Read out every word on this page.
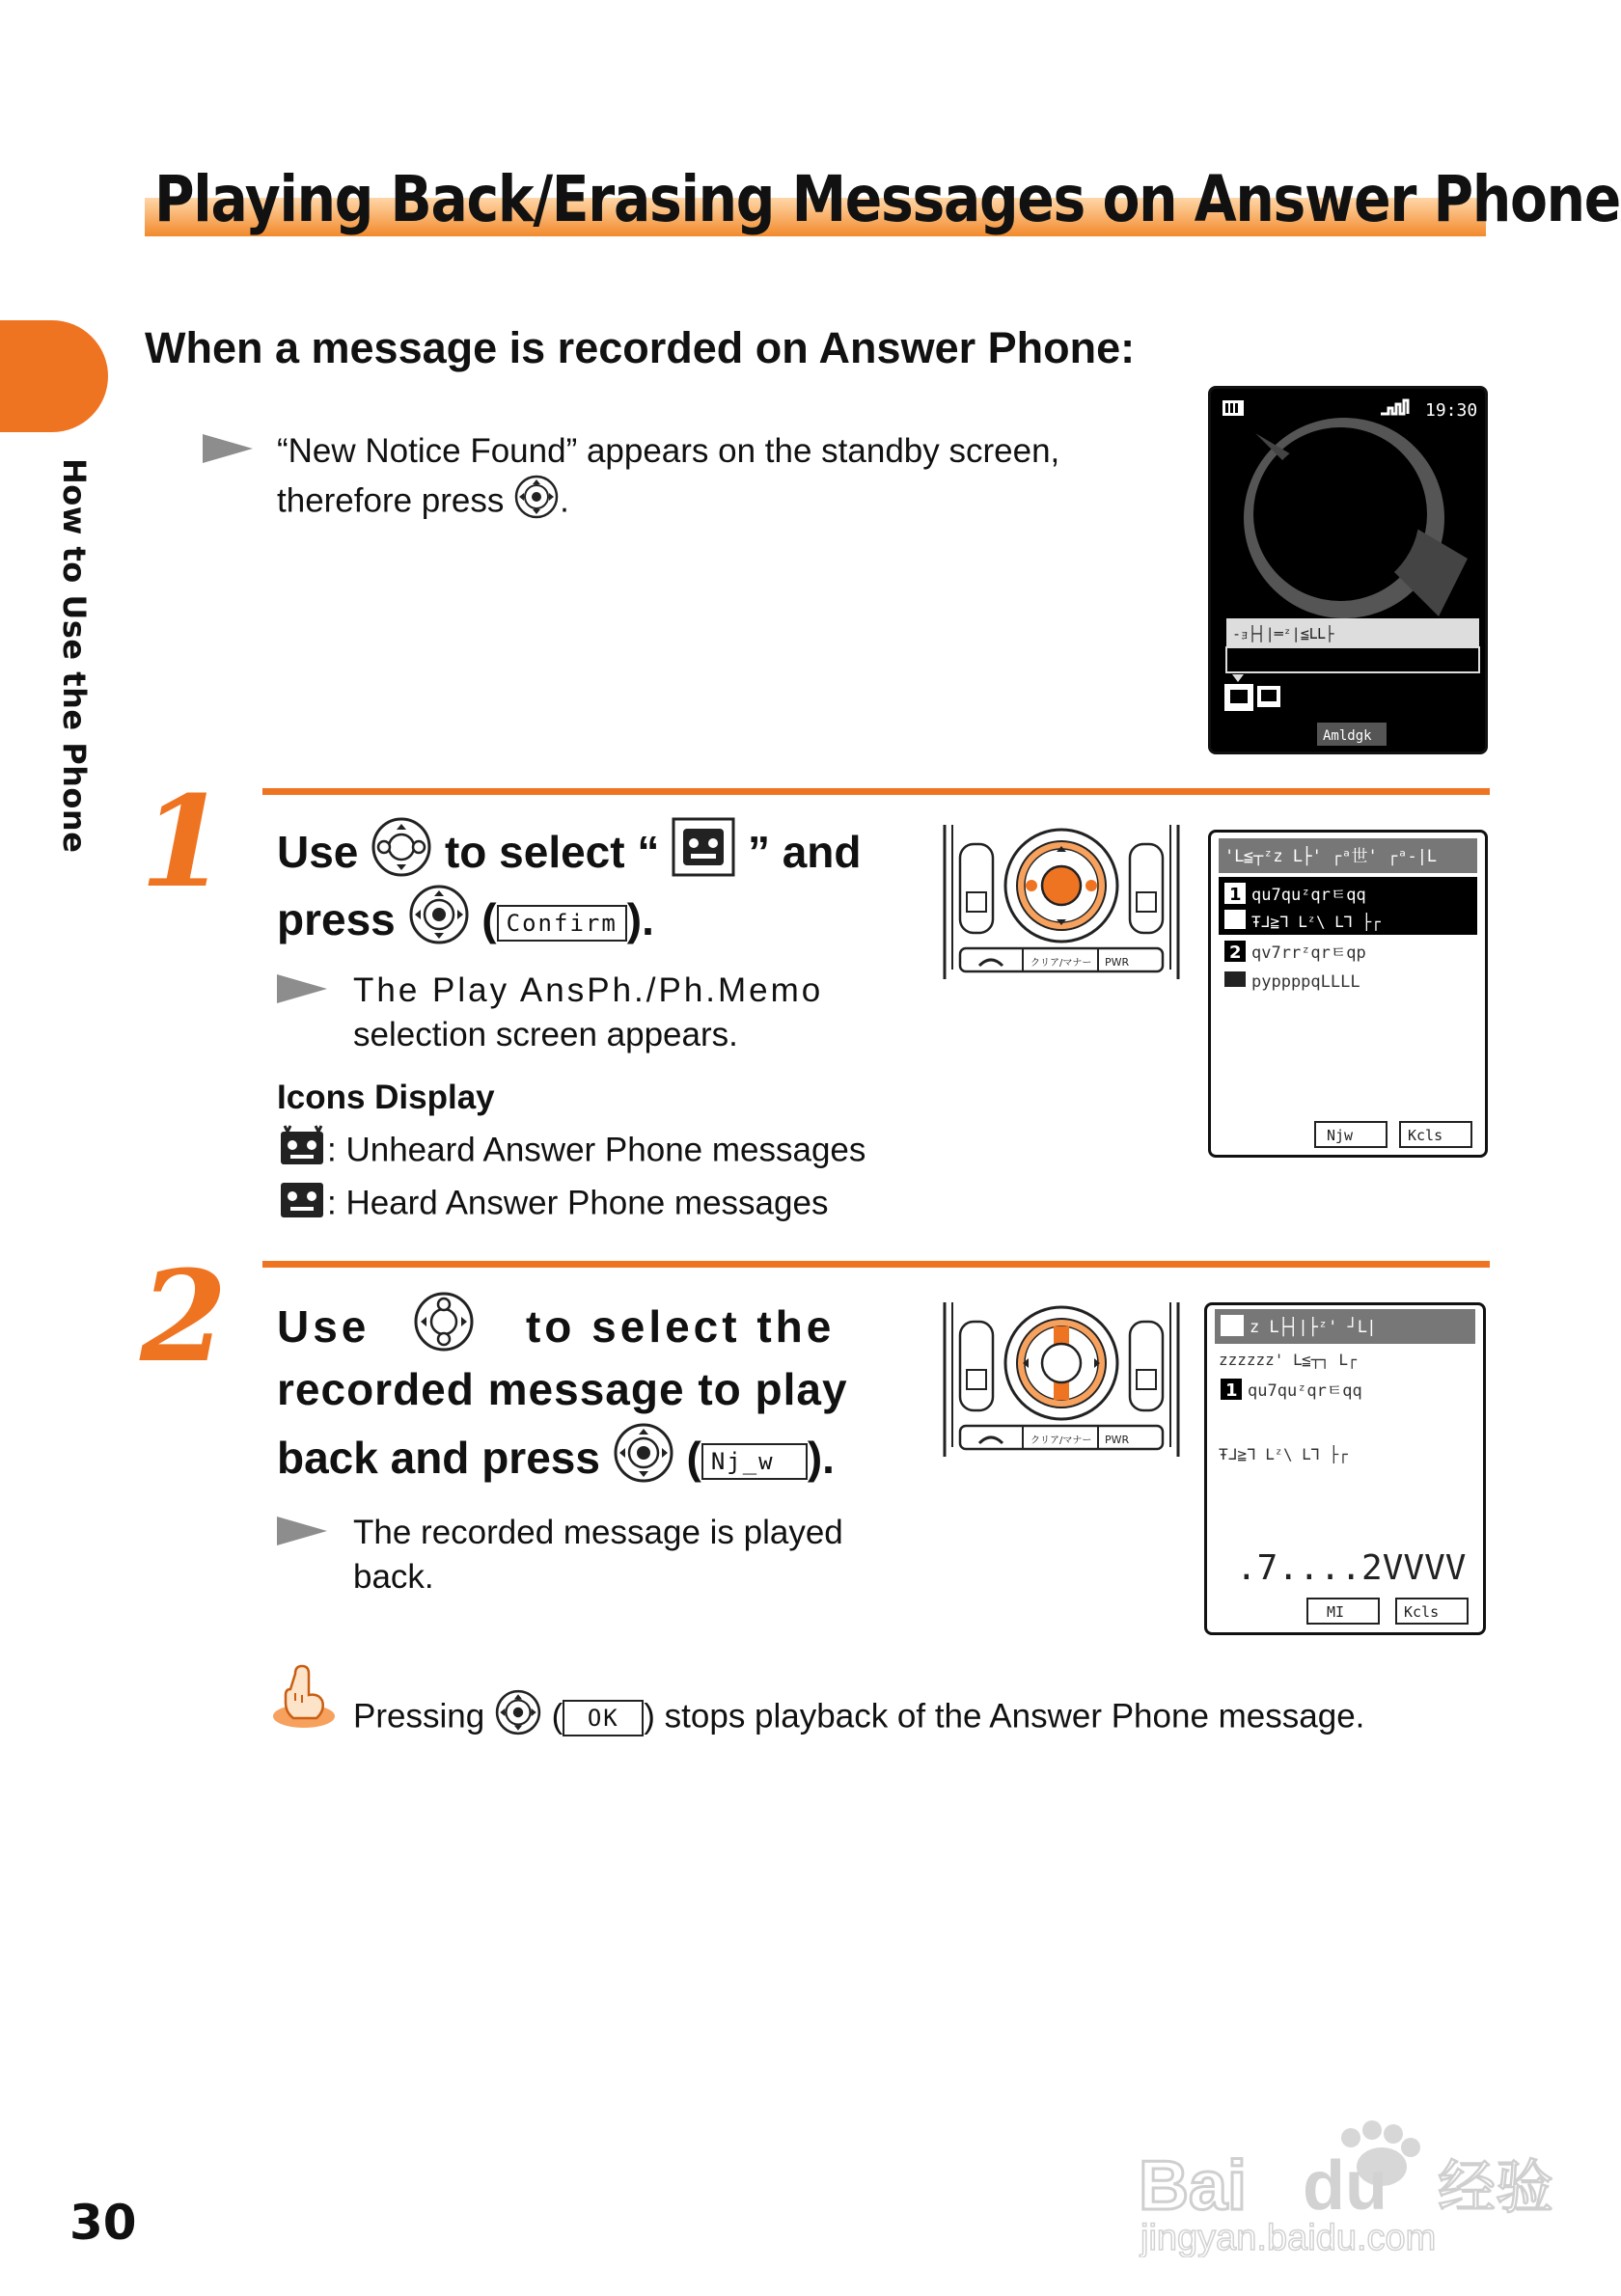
Playing Back/Erasing Messages on Answer Phone
How to Use the Phone
When a message is recorded on Answer Phone:
“New Notice Found” appears on the standby screen,
therefore press .
19:30
-ｮ├┤|═ᶻ|≦ᒪᒪ├
Amldgk
1 Use to select “ ” and
press  ( Confirm ).
The Play AnsPh./Ph.Memo
selection screen appears.
Icons Display
: Unheard Answer Phone messages
: Heard Answer Phone messages
クリア/マナー PWR
'ᒪ≦┬ᶻz ᒪ├' ┌ᵃ世' ┌ᵃ-|ᒪ
1 qu7quᶻqrㅌqq
Ŧᒧ≧ᒣ ᒪᶻ\ ᒪᒣ ├┌
2 qv7rrᶻqrㅌqp
pyppppqLLLL
Njw	Kcls
2 Use	to select the
recorded message to play
back and press  ( Nj_w ).
The recorded message is played
back.
クリア/マナー PWR
z ᒪ├┤|├ᶻ' ┘ᒪ|
zzzzzz' ᒪ≦┬┐ ᒪ┌
1 qu7quᶻqrㅌqq
Ŧᒧ≧ᒣ ᒪᶻ\ ᒪᒣ ├┌
.7....2VVVV
MI	Kcls
Pressing  ( OK ) stops playback of the Answer Phone message.
30	Bai du 经验
jingyan.baidu.com
